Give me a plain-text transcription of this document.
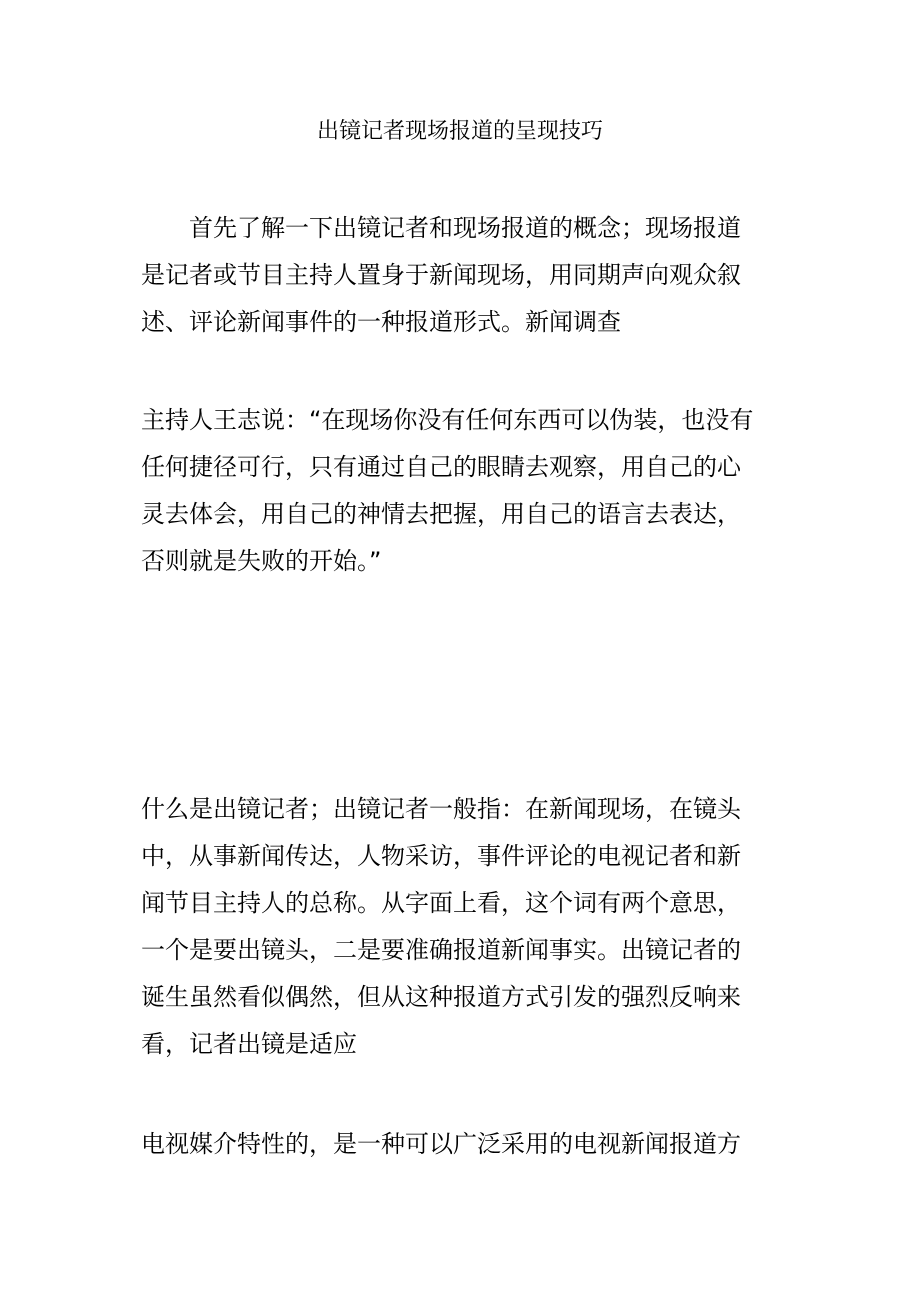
出镜记者现场报道的呈现技巧
首先了解一下出镜记者和现场报道的概念；现场报道
是记者或节目主持人置身于新闻现场，用同期声向观众叙
述、评论新闻事件的一种报道形式。新闻调查
主持人王志说：“在现场你没有任何东西可以伪装，也没有
任何捷径可行，只有通过自己的眼睛去观察，用自己的心
灵去体会，用自己的神情去把握，用自己的语言去表达，
否则就是失败的开始。”
什么是出镜记者；出镜记者一般指：在新闻现场，在镜头
中，从事新闻传达，人物采访，事件评论的电视记者和新
闻节目主持人的总称。从字面上看，这个词有两个意思，
一个是要出镜头，二是要准确报道新闻事实。出镜记者的
诞生虽然看似偶然，但从这种报道方式引发的强烈反响来
看，记者出镜是适应
电视媒介特性的，是一种可以广泛采用的电视新闻报道方
